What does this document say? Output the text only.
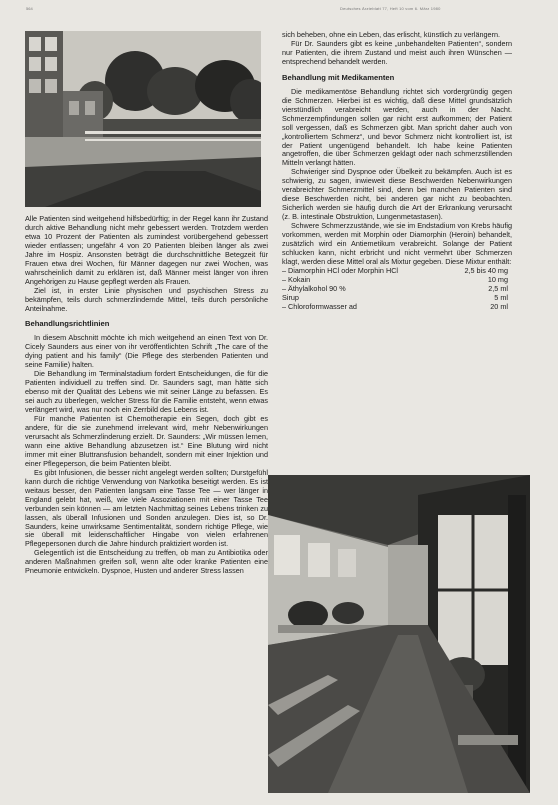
564	Deutsches Ärzteblatt 77, Heft 10 vom 6. März 1980

Alle Patienten sind weitgehend hilfsbedürftig; in der Regel kann ihr Zustand durch aktive Behandlung nicht mehr gebessert werden. Trotzdem werden etwa 10 Prozent der Patienten als zumindest vorübergehend gebessert wieder entlassen; ungefähr 4 von 20 Patienten bleiben länger als zwei Jahre im Hospiz. Ansonsten beträgt die durchschnittliche Betegzeit für Frauen etwa drei Wochen, für Männer dagegen nur zwei Wochen, was wahrscheinlich damit zu erklären ist, daß Männer meist länger von ihren Angehörigen zu Hause gepflegt werden als Frauen.

Ziel ist, in erster Linie physischen und psychischen Stress zu bekämpfen, teils durch schmerzlindernde Mittel, teils durch persönliche Anteilnahme.

Behandlungsrichtlinien

In diesem Abschnitt möchte ich mich weitgehend an einen Text von Dr. Cicely Saunders aus einer von ihr veröffentlichten Schrift „The care of the dying patient and his family“ (Die Pflege des sterbenden Patienten und seine Familie) halten.

Die Behandlung im Terminalstadium fordert Entscheidungen, die für die Patienten individuell zu treffen sind. Dr. Saunders sagt, man hätte sich ebenso mit der Qualität des Lebens wie mit seiner Länge zu befassen. Es sei auch zu überlegen, welcher Stress für die Familie entsteht, wenn etwas verlängert wird, was nur noch ein Zerrbild des Lebens ist.

Für manche Patienten ist Chemotherapie ein Segen, doch gibt es andere, für die sie zunehmend irrelevant wird, mehr Nebenwirkungen verursacht als Schmerzlinderung erzielt. Dr. Saunders: „Wir müssen lernen, wann eine aktive Behandlung abzusetzen ist.“ Eine Blutung wird nicht immer mit einer Bluttransfusion behandelt, sondern mit einer Injektion und einer Pflegeperson, die beim Patienten bleibt.

Es gibt Infusionen, die besser nicht angelegt werden sollten; Durstgefühl kann durch die richtige Verwendung von Narkotika beseitigt werden. Es ist weitaus besser, den Patienten langsam eine Tasse Tee — wer länger in England gelebt hat, weiß, wie viele Assoziationen mit einer Tasse Tee verbunden sein können — am letzten Nachmittag seines Lebens trinken zu lassen, als überall Infusionen und Sonden anzulegen. Dies ist, so Dr. Saunders, keine unwirksame Sentimentalität, sondern richtige Pflege, wie sie überall mit leidenschaftlicher Hingabe von vielen erfahrenen Pflegepersonen durch die Jahre hindurch praktiziert worden ist.

Gelegentlich ist die Entscheidung zu treffen, ob man zu Antibiotika oder anderen Maßnahmen greifen soll, wenn alte oder kranke Patienten eine Pneumonie entwickeln. Dyspnoe, Husten und anderer Stress lassen

sich beheben, ohne ein Leben, das erlischt, künstlich zu verlängern.

Für Dr. Saunders gibt es keine „unbehandelten Patienten“, sondern nur Patienten, die ihrem Zustand und meist auch ihren Wünschen — entsprechend behandelt werden.

Behandlung mit Medikamenten

Die medikamentöse Behandlung richtet sich vordergründig gegen die Schmerzen. Hierbei ist es wichtig, daß diese Mittel grundsätzlich vierstündlich verabreicht werden, auch in der Nacht. Schmerzempfindungen sollen gar nicht erst aufkommen; der Patient soll vergessen, daß es Schmerzen gibt. Man spricht daher auch von „kontrolliertem Schmerz“, und bevor Schmerz nicht kontrolliert ist, ist der Patient ungenügend behandelt. Ich habe keine Patienten angetroffen, die über Schmerzen geklagt oder nach schmerzstillenden Mitteln verlangt hätten.

Schwieriger sind Dyspnoe oder Übelkeit zu bekämpfen. Auch ist es schwierig, zu sagen, inwieweit diese Beschwerden Nebenwirkungen verabreichter Schmerzmittel sind, denn bei manchen Patienten sind diese Beschwerden nicht, bei anderen gar nicht zu beobachten. Sicherlich werden sie häufig durch die Art der Erkrankung verursacht (z. B. intestinale Obstruktion, Lungenmetastasen).

Schwere Schmerzzustände, wie sie im Endstadium von Krebs häufig vorkommen, werden mit Morphin oder Diamorphin (Heroin) behandelt, zusätzlich wird ein Antiemetikum verabreicht. Solange der Patient schlucken kann, nicht erbricht und nicht vermehrt über Schmerzen klagt, werden diese Mittel oral als Mixtur gegeben. Diese Mixtur enthält:

– Diamorphin HCl oder Morphin HCl	2,5 bis 40 mg
– Kokain	10 mg
– Äthylalkohol 90 %	2,5 ml
Sirup	5 ml
– Chloroformwasser ad	20 ml
